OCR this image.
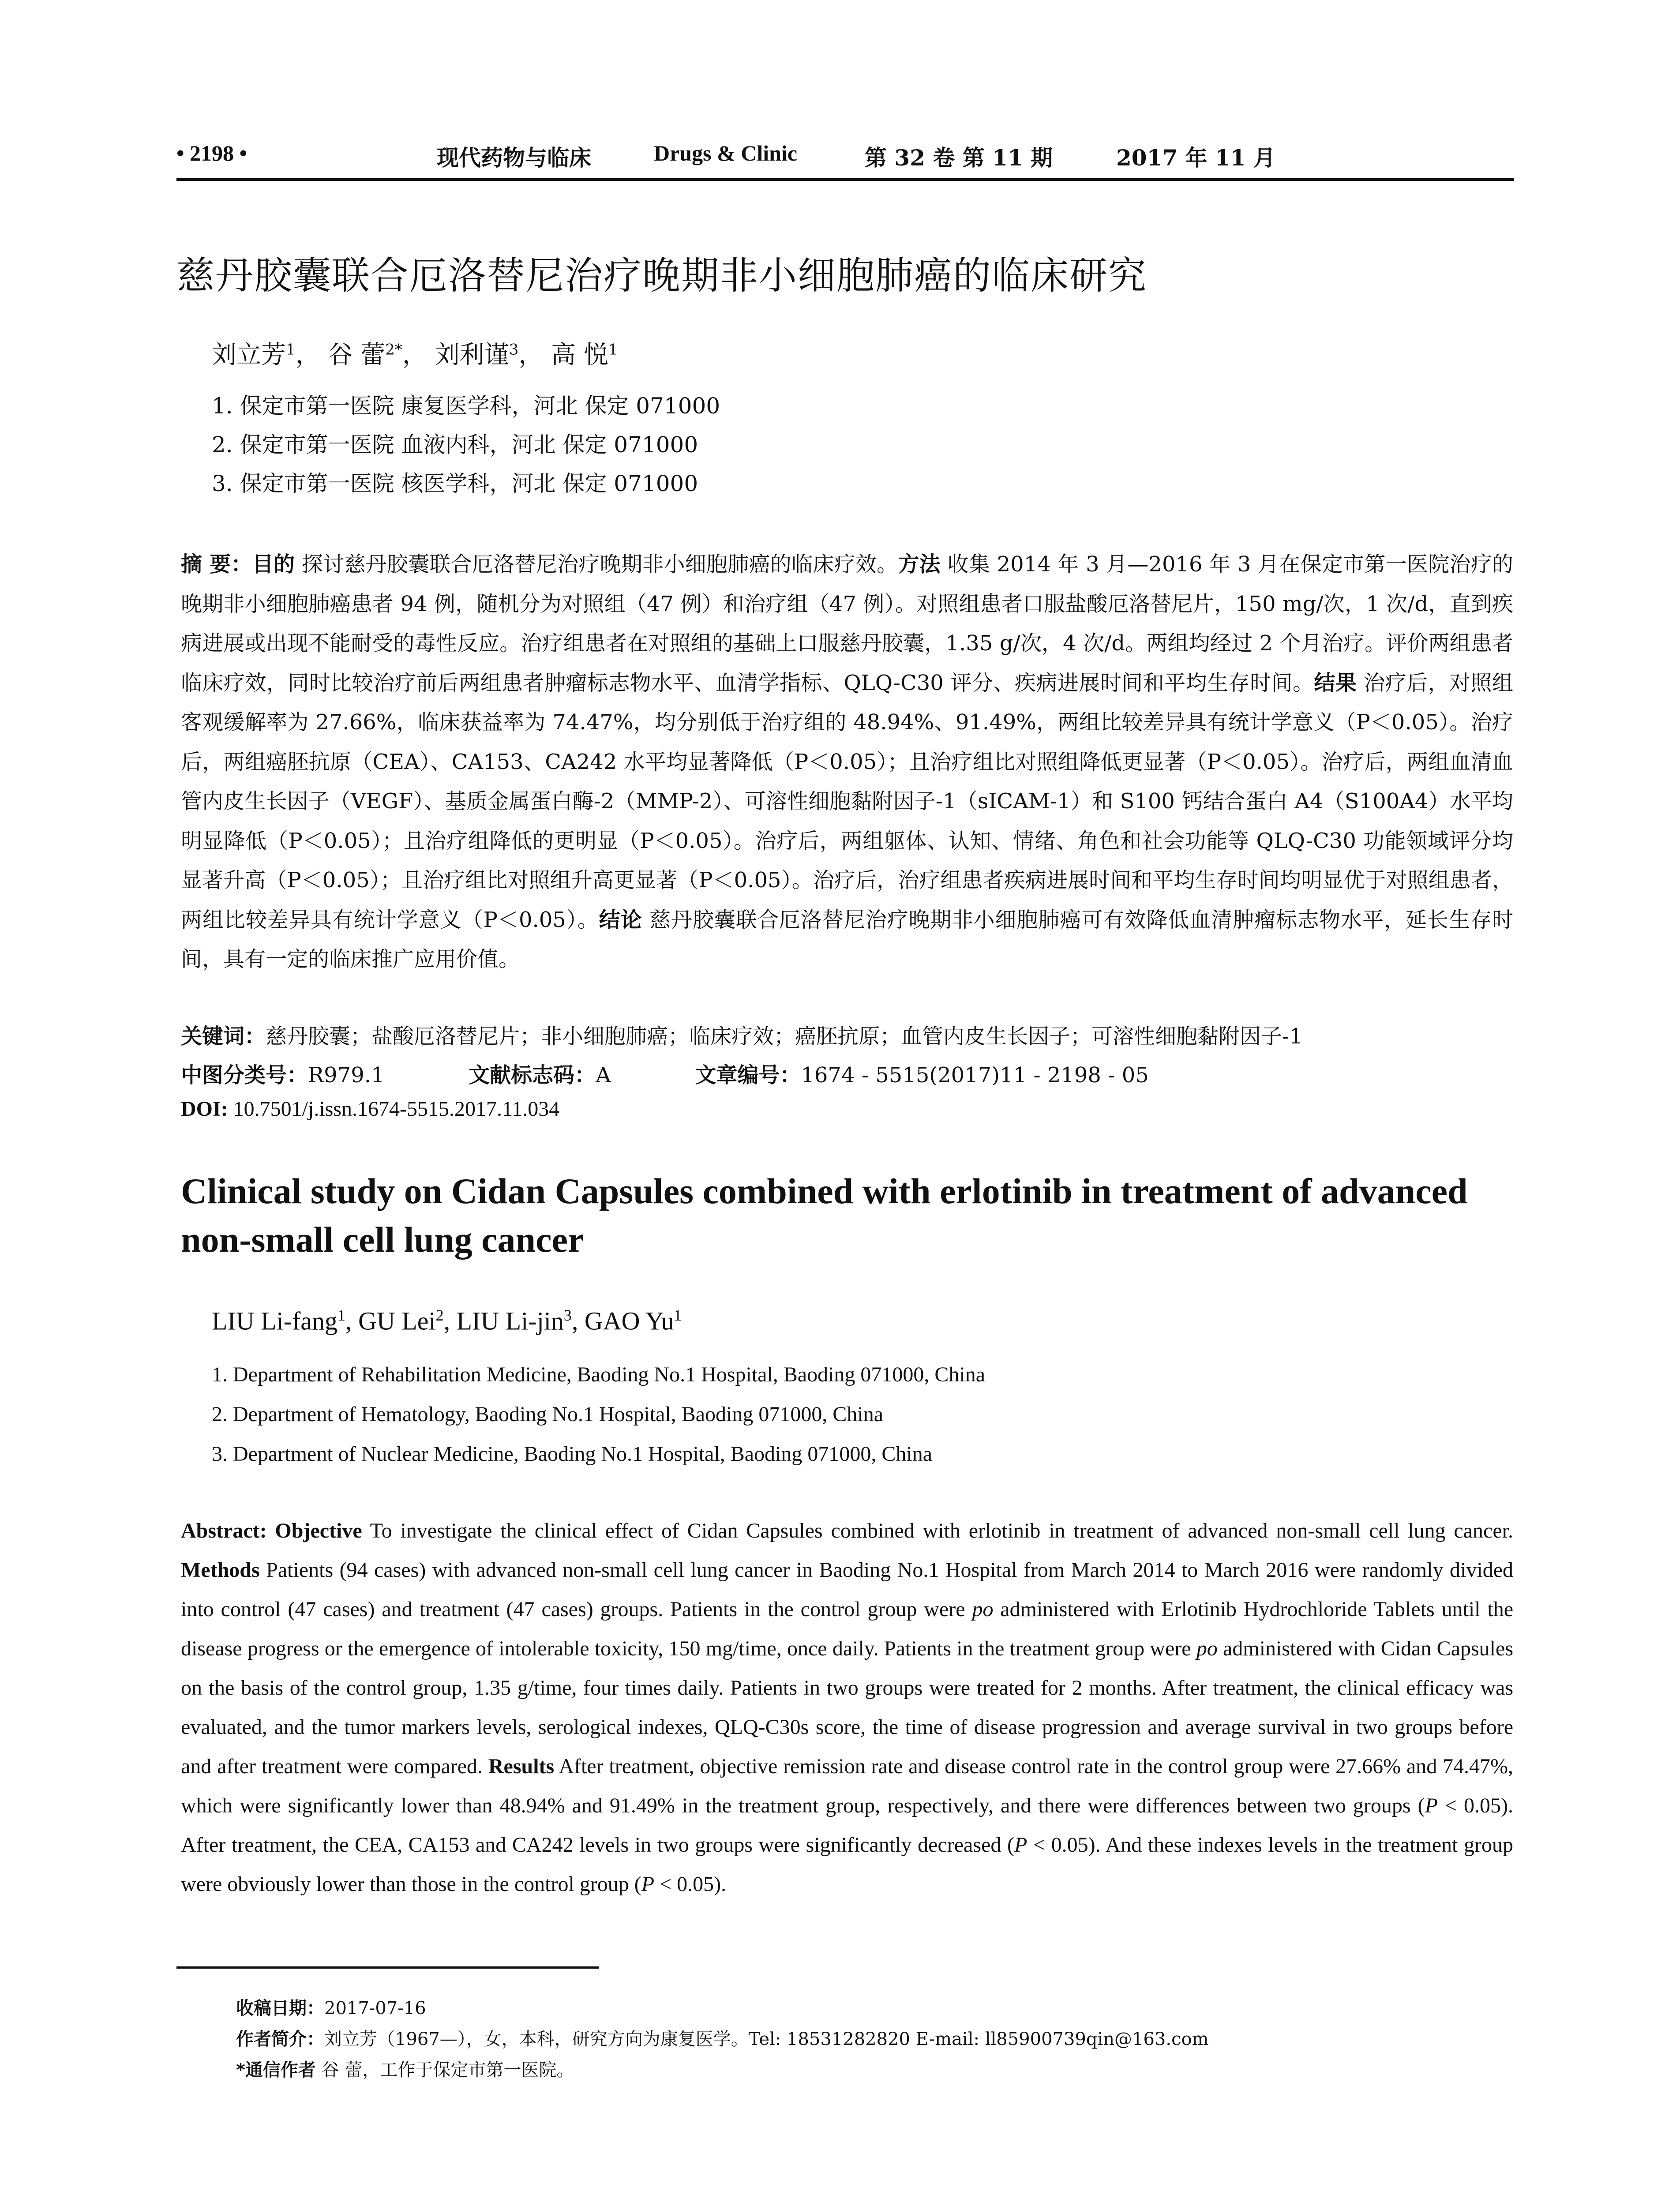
• 2198 •	现代药物与临床	Drugs & Clinic	第 32 卷 第 11 期	2017 年 11 月
慈丹胶囊联合厄洛替尼治疗晚期非小细胞肺癌的临床研究
刘立芳$^1$， 谷 蕾$^{2*}$， 刘利谨$^3$， 高 悦$^1$
1. 保定市第一医院 康复医学科，河北 保定 071000
2. 保定市第一医院 血液内科，河北 保定 071000
3. 保定市第一医院 核医学科，河北 保定 071000
摘 要：目的 探讨慈丹胶囊联合厄洛替尼治疗晚期非小细胞肺癌的临床疗效。方法 收集 2014 年 3 月—2016 年 3 月在保定市第一医院治疗的晚期非小细胞肺癌患者 94 例，随机分为对照组（47 例）和治疗组（47 例）。对照组患者口服盐酸厄洛替尼片，150 mg/次，1 次/d，直到疾病进展或出现不能耐受的毒性反应。治疗组患者在对照组的基础上口服慈丹胶囊，1.35 g/次，4 次/d。两组均经过 2 个月治疗。评价两组患者临床疗效，同时比较治疗前后两组患者肿瘤标志物水平、血清学指标、QLQ-C30 评分、疾病进展时间和平均生存时间。结果 治疗后，对照组客观缓解率为 27.66%，临床获益率为 74.47%，均分别低于治疗组的 48.94%、91.49%，两组比较差异具有统计学意义（P＜0.05）。治疗后，两组癌胚抗原（CEA）、CA153、CA242 水平均显著降低（P＜0.05）；且治疗组比对照组降低更显著（P＜0.05）。治疗后，两组血清血管内皮生长因子（VEGF）、基质金属蛋白酶-2（MMP-2）、可溶性细胞黏附因子-1（sICAM-1）和 S100 钙结合蛋白 A4（S100A4）水平均明显降低（P＜0.05）；且治疗组降低的更明显（P＜0.05）。治疗后，两组躯体、认知、情绪、角色和社会功能等 QLQ-C30 功能领域评分均显著升高（P＜0.05）；且治疗组比对照组升高更显著（P＜0.05）。治疗后，治疗组患者疾病进展时间和平均生存时间均明显优于对照组患者，两组比较差异具有统计学意义（P＜0.05）。结论 慈丹胶囊联合厄洛替尼治疗晚期非小细胞肺癌可有效降低血清肿瘤标志物水平，延长生存时间，具有一定的临床推广应用价值。
关键词：慈丹胶囊；盐酸厄洛替尼片；非小细胞肺癌；临床疗效；癌胚抗原；血管内皮生长因子；可溶性细胞黏附因子-1
中图分类号：R979.1	文献标志码：A	文章编号：1674 - 5515(2017)11 - 2198 - 05
DOI: 10.7501/j.issn.1674-5515.2017.11.034
Clinical study on Cidan Capsules combined with erlotinib in treatment of advanced non-small cell lung cancer
LIU Li-fang$^1$, GU Lei$^2$, LIU Li-jin$^3$, GAO Yu$^1$
1. Department of Rehabilitation Medicine, Baoding No.1 Hospital, Baoding 071000, China
2. Department of Hematology, Baoding No.1 Hospital, Baoding 071000, China
3. Department of Nuclear Medicine, Baoding No.1 Hospital, Baoding 071000, China
Abstract: Objective To investigate the clinical effect of Cidan Capsules combined with erlotinib in treatment of advanced non-small cell lung cancer. Methods Patients (94 cases) with advanced non-small cell lung cancer in Baoding No.1 Hospital from March 2014 to March 2016 were randomly divided into control (47 cases) and treatment (47 cases) groups. Patients in the control group were po administered with Erlotinib Hydrochloride Tablets until the disease progress or the emergence of intolerable toxicity, 150 mg/time, once daily. Patients in the treatment group were po administered with Cidan Capsules on the basis of the control group, 1.35 g/time, four times daily. Patients in two groups were treated for 2 months. After treatment, the clinical efficacy was evaluated, and the tumor markers levels, serological indexes, QLQ-C30s score, the time of disease progression and average survival in two groups before and after treatment were compared. Results After treatment, objective remission rate and disease control rate in the control group were 27.66% and 74.47%, which were significantly lower than 48.94% and 91.49% in the treatment group, respectively, and there were differences between two groups (P < 0.05). After treatment, the CEA, CA153 and CA242 levels in two groups were significantly decreased (P < 0.05). And these indexes levels in the treatment group were obviously lower than those in the control group (P < 0.05).
收稿日期：2017-07-16
作者简介：刘立芳（1967—），女，本科，研究方向为康复医学。Tel: 18531282820 E-mail: ll85900739qin@163.com
*通信作者 谷 蕾，工作于保定市第一医院。
